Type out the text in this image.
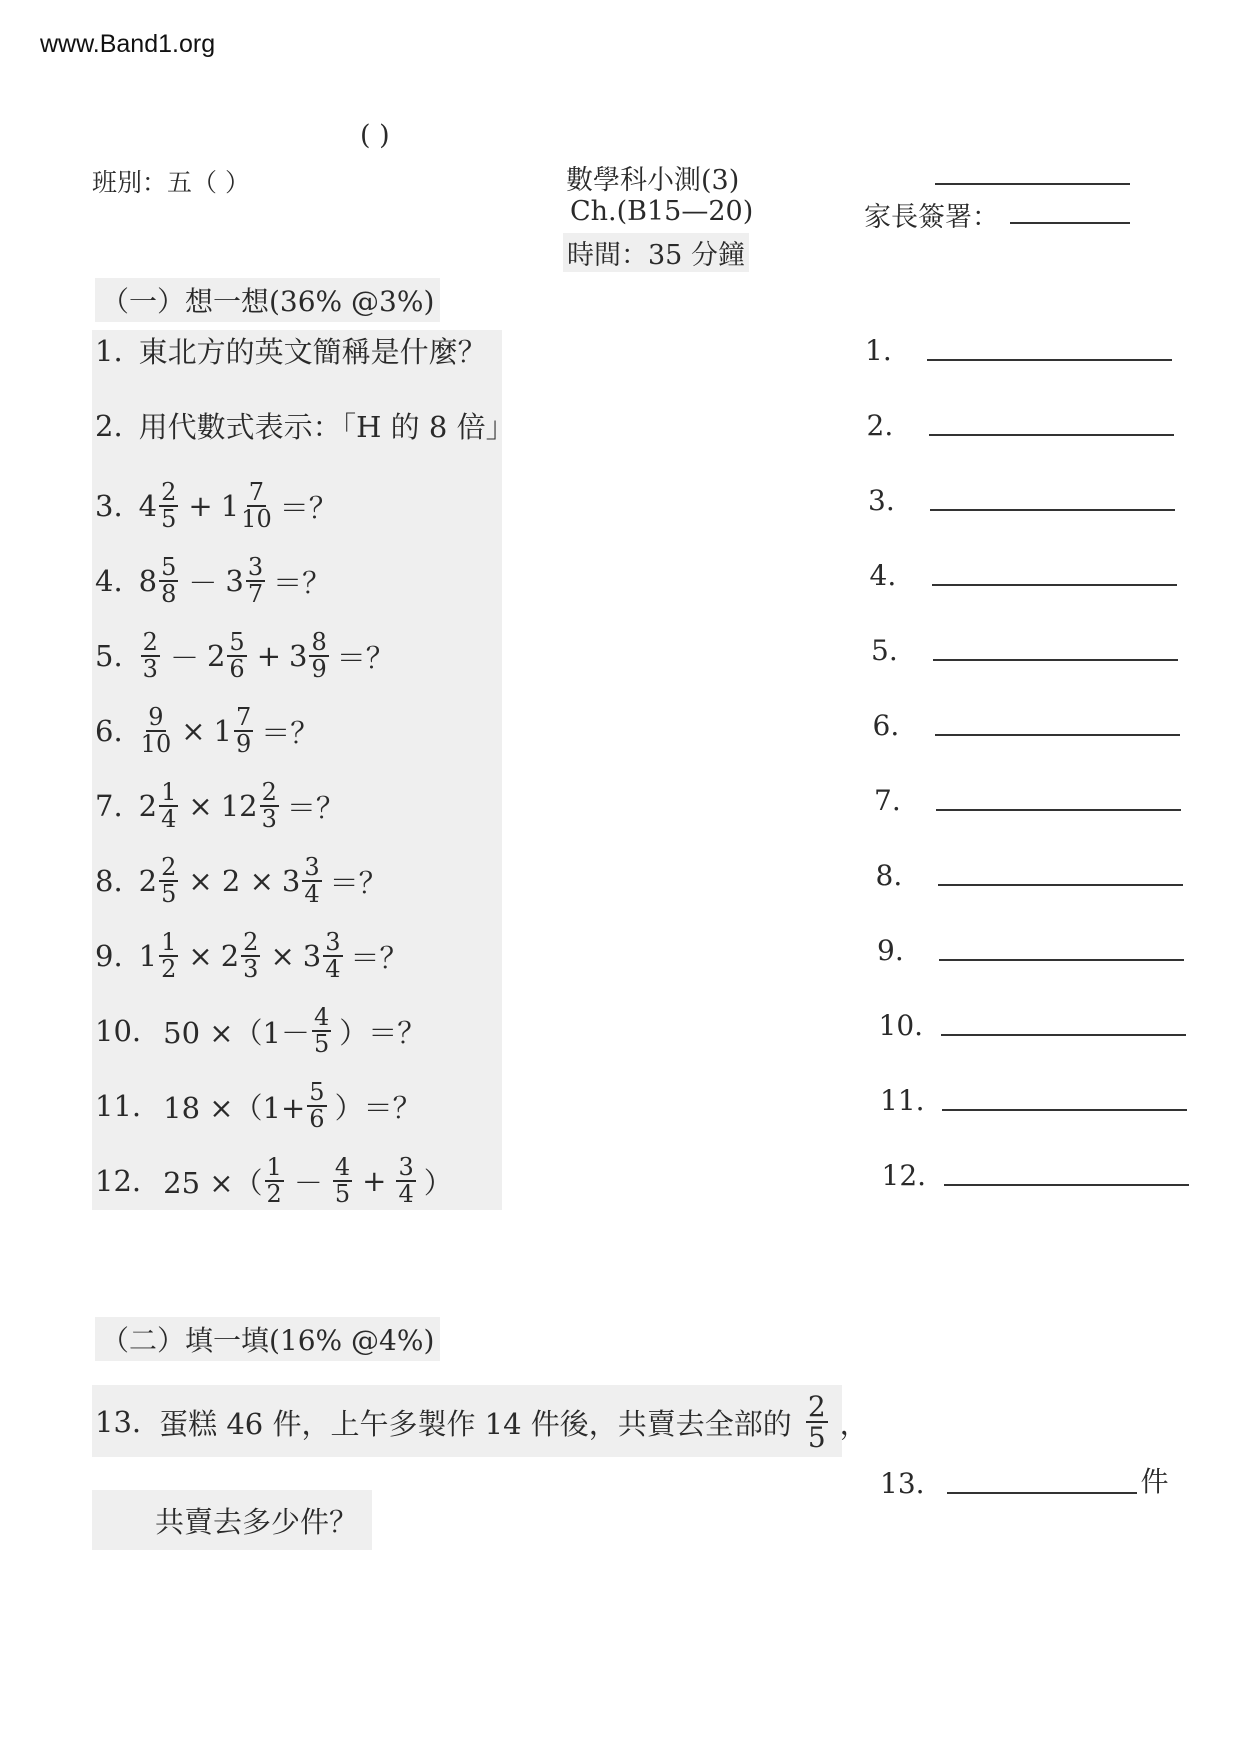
www.Band1.org
( )
班別：五（ ）	數學科小測(3)
Ch.(B15—20)
時間：35 分鐘
家長簽署：
（一）想一想(36% @3%)
1. 東北方的英文簡稱是什麼？
2. 用代數式表示：「H 的 8 倍」
3. $4 \frac{2}{5} + 1 \frac{7}{10}$ ＝？
4. $8 \frac{5}{8} - 3 \frac{3}{7}$ ＝？
5. $\frac{2}{3} - 2 \frac{5}{6} + 3 \frac{8}{9}$ ＝？
6. $\frac{9}{10} \times 1 \frac{7}{9}$ ＝？
7. $2 \frac{1}{4} \times 12 \frac{2}{3}$ ＝？
8. $2 \frac{2}{5} \times 2 \times 3 \frac{3}{4}$ ＝？
9. $1 \frac{1}{2} \times 2 \frac{2}{3} \times 3 \frac{3}{4}$ ＝？
10. $50 \times(1- \frac{4}{5}$ ）＝？
11. $18 \times(1+ \frac{5}{6}$ ）＝？
12. 25 ×（ $\frac{1}{2} - \frac{4}{5} + \frac{3}{4}$ ）
1.
2.
3.
4.
5.
6.
7.
8.
9.
10.
11.
12.
（二）填一填(16% @4%)
13. 蛋糕 46 件，上午多製作 14 件後，共賣去全部的 $\frac{2}{5}$ ，
共賣去多少件？
13.	件
